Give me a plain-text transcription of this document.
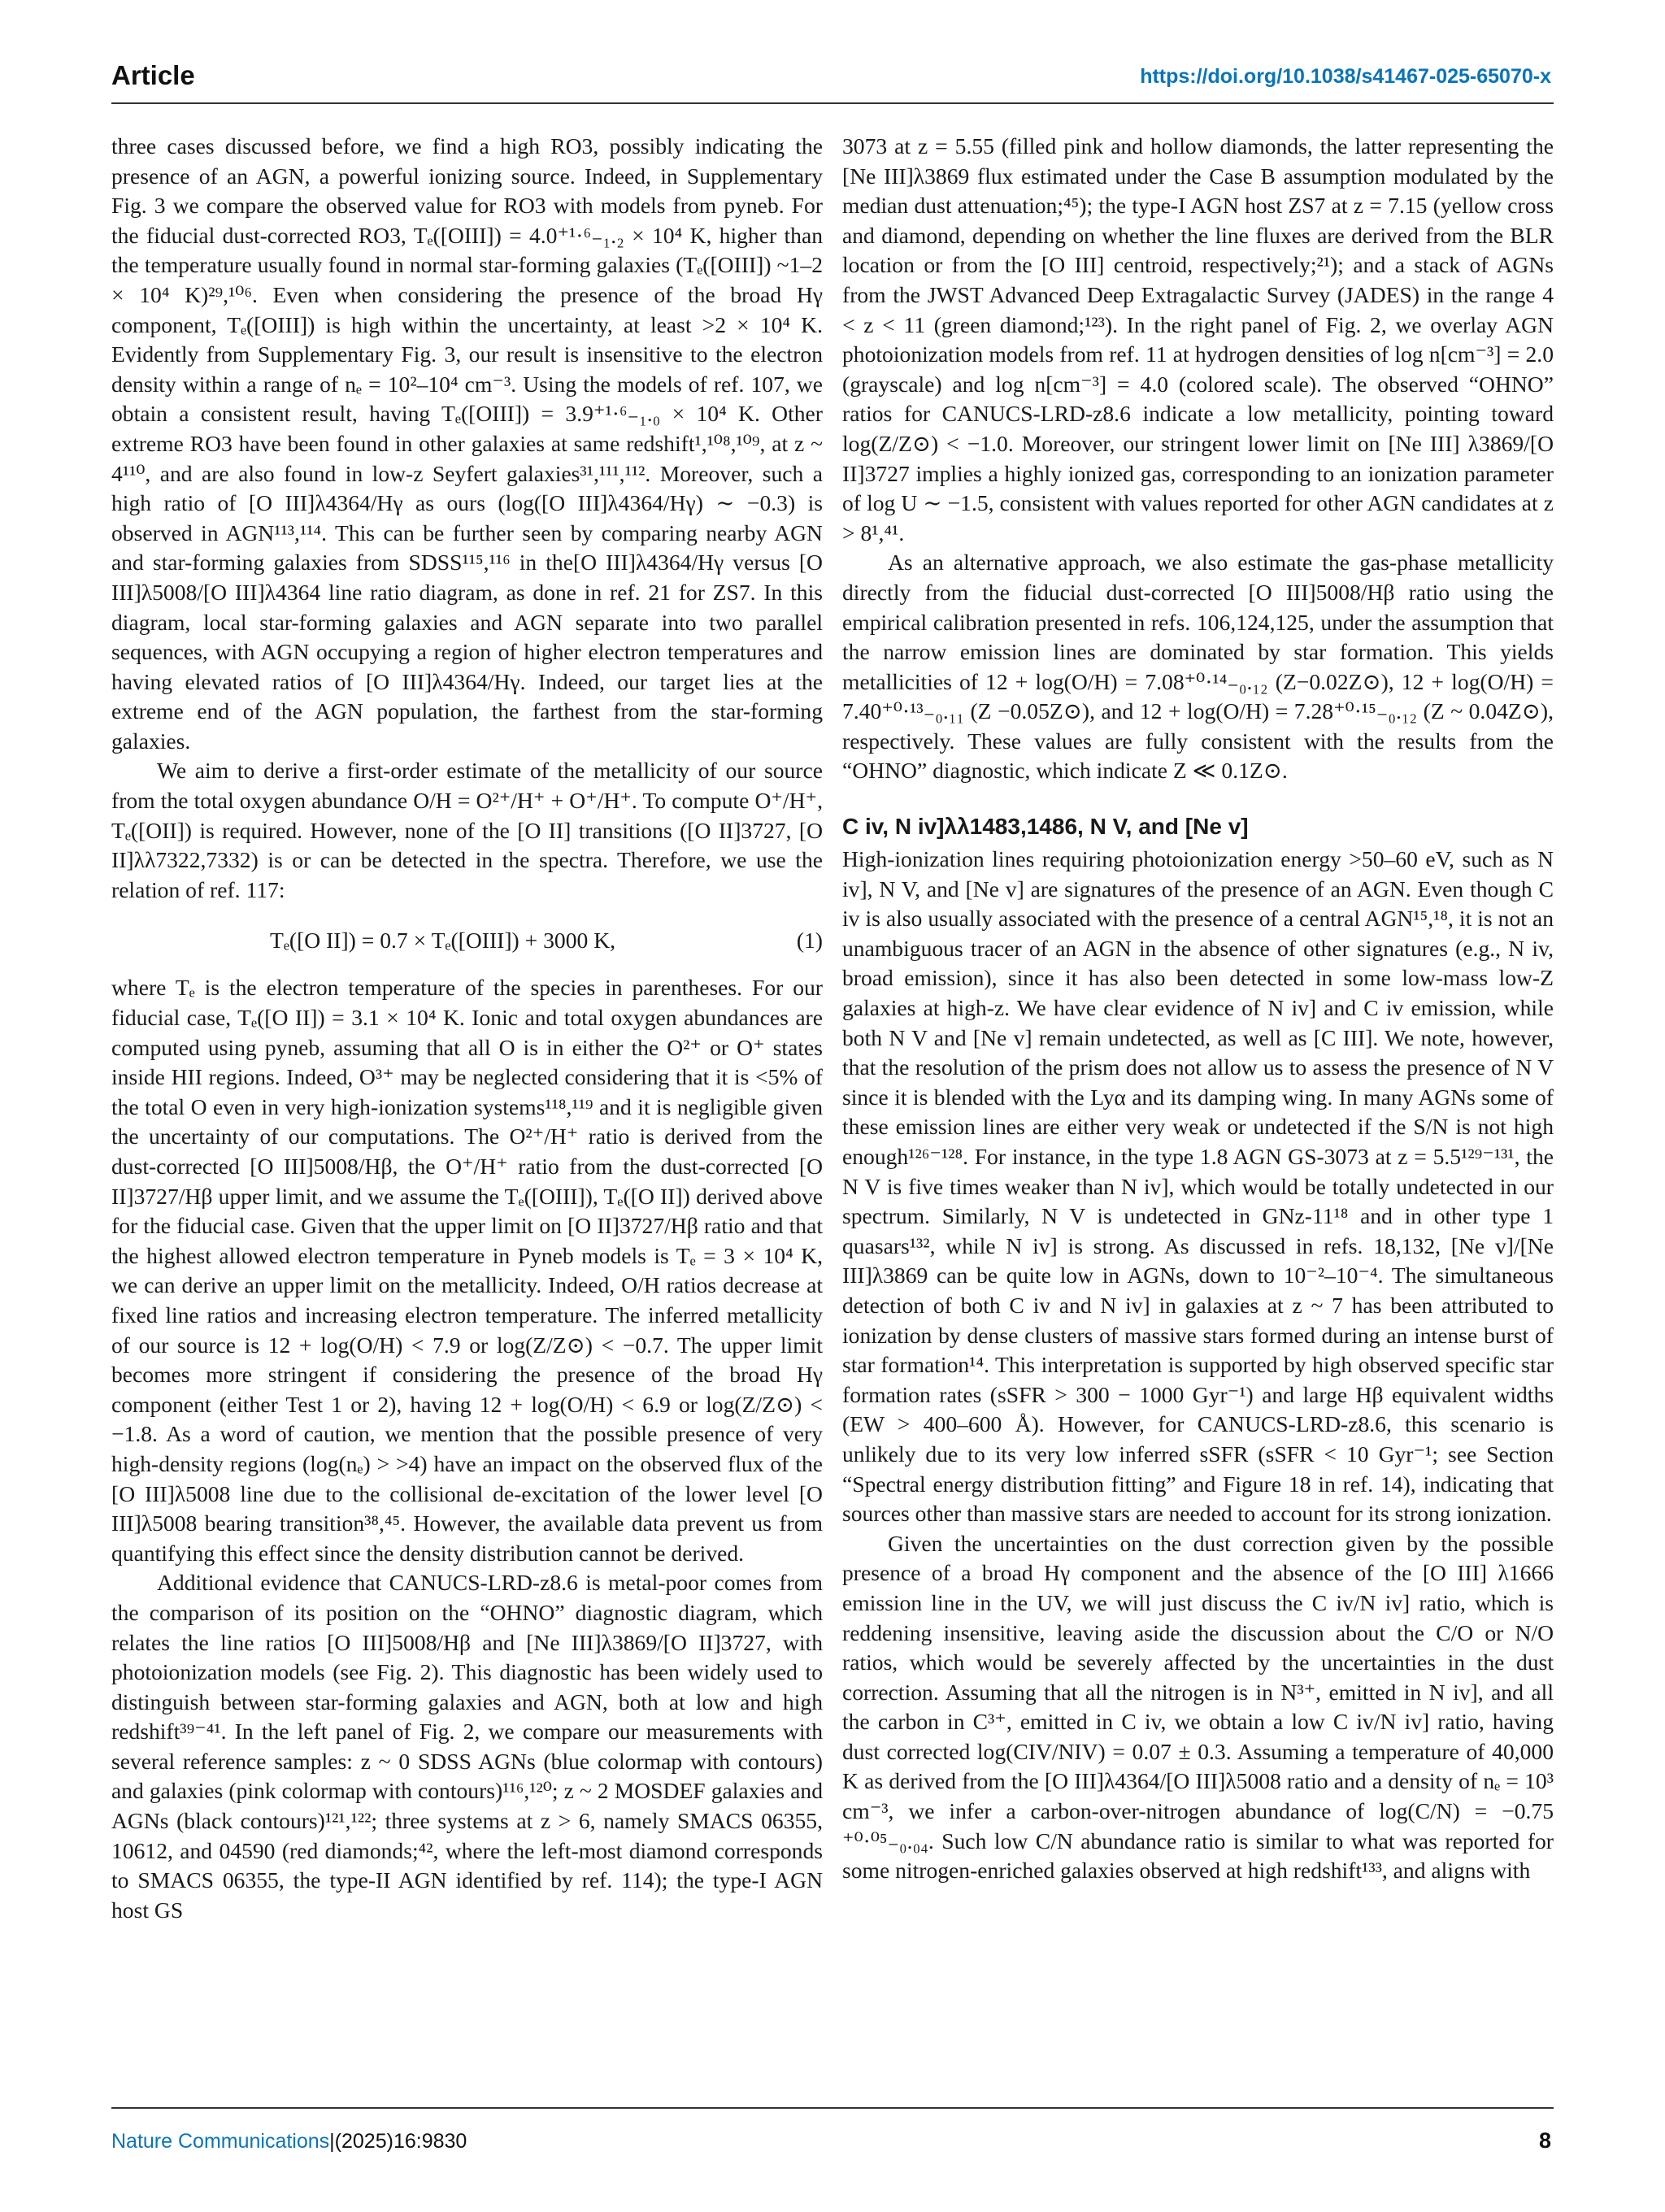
Article	https://doi.org/10.1038/s41467-025-65070-x

three cases discussed before, we find a high RO3, possibly indicating the presence of an AGN, a powerful ionizing source. Indeed, in Supplementary Fig. 3 we compare the observed value for RO3 with models from pyneb. For the fiducial dust-corrected RO3, Tₑ([OIII]) = 4.0⁺¹·⁶₋₁.₂ × 10⁴ K, higher than the temperature usually found in normal star-forming galaxies (Tₑ([OIII]) ~1–2 × 10⁴ K)²⁹,¹⁰⁶. Even when considering the presence of the broad Hγ component, Tₑ([OIII]) is high within the uncertainty, at least >2 × 10⁴ K. Evidently from Supplementary Fig. 3, our result is insensitive to the electron density within a range of nₑ = 10²–10⁴ cm⁻³. Using the models of ref. 107, we obtain a consistent result, having Tₑ([OIII]) = 3.9⁺¹·⁶₋₁.₀ × 10⁴ K. Other extreme RO3 have been found in other galaxies at same redshift¹,¹⁰⁸,¹⁰⁹, at z ~ 4¹¹⁰, and are also found in low-z Seyfert galaxies³¹,¹¹¹,¹¹². Moreover, such a high ratio of [O III]λ4364/Hγ as ours (log([O III]λ4364/Hγ) ∼ −0.3) is observed in AGN¹¹³,¹¹⁴. This can be further seen by comparing nearby AGN and star-forming galaxies from SDSS¹¹⁵,¹¹⁶ in the[O III]λ4364/Hγ versus [O III]λ5008/[O III]λ4364 line ratio diagram, as done in ref. 21 for ZS7. In this diagram, local star-forming galaxies and AGN separate into two parallel sequences, with AGN occupying a region of higher electron temperatures and having elevated ratios of [O III]λ4364/Hγ. Indeed, our target lies at the extreme end of the AGN population, the farthest from the star-forming galaxies.

We aim to derive a first-order estimate of the metallicity of our source from the total oxygen abundance O/H = O²⁺/H⁺ + O⁺/H⁺. To compute O⁺/H⁺, Tₑ([OII]) is required. However, none of the [O II] transitions ([O II]3727, [O II]λλ7322,7332) is or can be detected in the spectra. Therefore, we use the relation of ref. 117:

Tₑ([O II]) = 0.7 × Tₑ([OIII]) + 3000 K,	(1)

where Tₑ is the electron temperature of the species in parentheses. For our fiducial case, Tₑ([O II]) = 3.1 × 10⁴ K. Ionic and total oxygen abundances are computed using pyneb, assuming that all O is in either the O²⁺ or O⁺ states inside HII regions. Indeed, O³⁺ may be neglected considering that it is <5% of the total O even in very high-ionization systems¹¹⁸,¹¹⁹ and it is negligible given the uncertainty of our computations. The O²⁺/H⁺ ratio is derived from the dust-corrected [O III]5008/Hβ, the O⁺/H⁺ ratio from the dust-corrected [O II]3727/Hβ upper limit, and we assume the Tₑ([OIII]), Tₑ([O II]) derived above for the fiducial case. Given that the upper limit on [O II]3727/Hβ ratio and that the highest allowed electron temperature in Pyneb models is Tₑ = 3 × 10⁴ K, we can derive an upper limit on the metallicity. Indeed, O/H ratios decrease at fixed line ratios and increasing electron temperature. The inferred metallicity of our source is 12 + log(O/H) < 7.9 or log(Z/Z⊙) < −0.7. The upper limit becomes more stringent if considering the presence of the broad Hγ component (either Test 1 or 2), having 12 + log(O/H) < 6.9 or log(Z/Z⊙) < −1.8. As a word of caution, we mention that the possible presence of very high-density regions (log(nₑ) > >4) have an impact on the observed flux of the [O III]λ5008 line due to the collisional de-excitation of the lower level [O III]λ5008 bearing transition³⁸,⁴⁵. However, the available data prevent us from quantifying this effect since the density distribution cannot be derived.

Additional evidence that CANUCS-LRD-z8.6 is metal-poor comes from the comparison of its position on the “OHNO” diagnostic diagram, which relates the line ratios [O III]5008/Hβ and [Ne III]λ3869/[O II]3727, with photoionization models (see Fig. 2). This diagnostic has been widely used to distinguish between star-forming galaxies and AGN, both at low and high redshift³⁹⁻⁴¹. In the left panel of Fig. 2, we compare our measurements with several reference samples: z ~ 0 SDSS AGNs (blue colormap with contours) and galaxies (pink colormap with contours)¹¹⁶,¹²⁰; z ~ 2 MOSDEF galaxies and AGNs (black contours)¹²¹,¹²²; three systems at z > 6, namely SMACS 06355, 10612, and 04590 (red diamonds;⁴², where the left-most diamond corresponds to SMACS 06355, the type-II AGN identified by ref. 114); the type-I AGN host GS

3073 at z = 5.55 (filled pink and hollow diamonds, the latter representing the [Ne III]λ3869 flux estimated under the Case B assumption modulated by the median dust attenuation;⁴⁵); the type-I AGN host ZS7 at z = 7.15 (yellow cross and diamond, depending on whether the line fluxes are derived from the BLR location or from the [O III] centroid, respectively;²¹); and a stack of AGNs from the JWST Advanced Deep Extragalactic Survey (JADES) in the range 4 < z < 11 (green diamond;¹²³). In the right panel of Fig. 2, we overlay AGN photoionization models from ref. 11 at hydrogen densities of log n[cm⁻³] = 2.0 (grayscale) and log n[cm⁻³] = 4.0 (colored scale). The observed “OHNO” ratios for CANUCS-LRD-z8.6 indicate a low metallicity, pointing toward log(Z/Z⊙) < −1.0. Moreover, our stringent lower limit on [Ne III] λ3869/[O II]3727 implies a highly ionized gas, corresponding to an ionization parameter of log U ∼ −1.5, consistent with values reported for other AGN candidates at z > 8¹,⁴¹.

As an alternative approach, we also estimate the gas-phase metallicity directly from the fiducial dust-corrected [O III]5008/Hβ ratio using the empirical calibration presented in refs. 106,124,125, under the assumption that the narrow emission lines are dominated by star formation. This yields metallicities of 12 + log(O/H) = 7.08⁺⁰·¹⁴₋₀.₁₂ (Z−0.02Z⊙), 12 + log(O/H) = 7.40⁺⁰·¹³₋₀.₁₁ (Z −0.05Z⊙), and 12 + log(O/H) = 7.28⁺⁰·¹⁵₋₀.₁₂ (Z ~ 0.04Z⊙), respectively. These values are fully consistent with the results from the “OHNO” diagnostic, which indicate Z ≪ 0.1Z⊙.

C iv, N iv]λλ1483,1486, N V, and [Ne v]

High-ionization lines requiring photoionization energy >50–60 eV, such as N iv], N V, and [Ne v] are signatures of the presence of an AGN. Even though C iv is also usually associated with the presence of a central AGN¹⁵,¹⁸, it is not an unambiguous tracer of an AGN in the absence of other signatures (e.g., N iv, broad emission), since it has also been detected in some low-mass low-Z galaxies at high-z. We have clear evidence of N iv] and C iv emission, while both N V and [Ne v] remain undetected, as well as [C III]. We note, however, that the resolution of the prism does not allow us to assess the presence of N V since it is blended with the Lyα and its damping wing. In many AGNs some of these emission lines are either very weak or undetected if the S/N is not high enough¹²⁶⁻¹²⁸. For instance, in the type 1.8 AGN GS-3073 at z = 5.5¹²⁹⁻¹³¹, the N V is five times weaker than N iv], which would be totally undetected in our spectrum. Similarly, N V is undetected in GNz-11¹⁸ and in other type 1 quasars¹³², while N iv] is strong. As discussed in refs. 18,132, [Ne v]/[Ne III]λ3869 can be quite low in AGNs, down to 10⁻²–10⁻⁴. The simultaneous detection of both C iv and N iv] in galaxies at z ~ 7 has been attributed to ionization by dense clusters of massive stars formed during an intense burst of star formation¹⁴. This interpretation is supported by high observed specific star formation rates (sSFR > 300 − 1000 Gyr⁻¹) and large Hβ equivalent widths (EW > 400–600 Å). However, for CANUCS-LRD-z8.6, this scenario is unlikely due to its very low inferred sSFR (sSFR < 10 Gyr⁻¹; see Section “Spectral energy distribution fitting” and Figure 18 in ref. 14), indicating that sources other than massive stars are needed to account for its strong ionization.

Given the uncertainties on the dust correction given by the possible presence of a broad Hγ component and the absence of the [O III] λ1666 emission line in the UV, we will just discuss the C iv/N iv] ratio, which is reddening insensitive, leaving aside the discussion about the C/O or N/O ratios, which would be severely affected by the uncertainties in the dust correction. Assuming that all the nitrogen is in N³⁺, emitted in N iv], and all the carbon in C³⁺, emitted in C iv, we obtain a low C iv/N iv] ratio, having dust corrected log(CIV/NIV) = 0.07 ± 0.3. Assuming a temperature of 40,000 K as derived from the [O III]λ4364/[O III]λ5008 ratio and a density of nₑ = 10³ cm⁻³, we infer a carbon-over-nitrogen abundance of log(C/N) = −0.75 ⁺⁰·⁰⁵₋₀.₀₄. Such low C/N abundance ratio is similar to what was reported for some nitrogen-enriched galaxies observed at high redshift¹³³, and aligns with

Nature Communications|(2025)16:9830	8
